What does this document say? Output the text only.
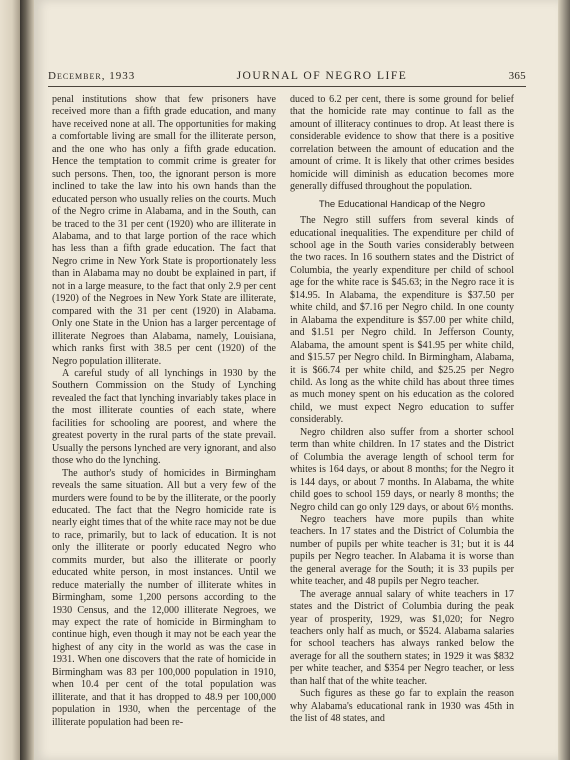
December, 1933	JOURNAL OF NEGRO LIFE	365

penal institutions show that few prisoners have received more than a fifth grade education, and many have received none at all. The opportunities for making a comfortable living are small for the illiterate person, and the one who has only a fifth grade education. Hence the temptation to commit crime is greater for such persons. Then, too, the ignorant person is more inclined to take the law into his own hands than the educated person who usually relies on the courts. Much of the Negro crime in Alabama, and in the South, can be traced to the 31 per cent (1920) who are illiterate in Alabama, and to that large portion of the race which has less than a fifth grade education. The fact that Negro crime in New York State is proportionately less than in Alabama may no doubt be explained in part, if not in a large measure, to the fact that only 2.9 per cent (1920) of the Negroes in New York State are illiterate, compared with the 31 per cent (1920) in Alabama. Only one State in the Union has a larger percentage of illiterate Negroes than Alabama, namely, Louisiana, which ranks first with 38.5 per cent (1920) of the Negro population illiterate.

A careful study of all lynchings in 1930 by the Southern Commission on the Study of Lynching revealed the fact that lynching invariably takes place in the most illiterate counties of each state, where facilities for schooling are poorest, and where the greatest poverty in the rural parts of the state prevail. Usually the persons lynched are very ignorant, and also those who do the lynching.

The author's study of homicides in Birmingham reveals the same situation. All but a very few of the murders were found to be by the illiterate, or the poorly educated. The fact that the Negro homicide rate is nearly eight times that of the white race may not be due to race, primarily, but to lack of education. It is not only the illiterate or poorly educated Negro who commits murder, but also the illiterate or poorly educated white person, in most instances. Until we reduce materially the number of illiterate whites in Birmingham, some 1,200 persons according to the 1930 Census, and the 12,000 illiterate Negroes, we may expect the rate of homicide in Birmingham to continue high, even though it may not be each year the highest of any city in the world as was the case in 1931. When one discovers that the rate of homicide in Birmingham was 83 per 100,000 population in 1910, when 10.4 per cent of the total population was illiterate, and that it has dropped to 48.9 per 100,000 population in 1930, when the percentage of the illiterate population had been re-

duced to 6.2 per cent, there is some ground for belief that the homicide rate may continue to fall as the amount of illiteracy continues to drop. At least there is considerable evidence to show that there is a positive correlation between the amount of education and the amount of crime. It is likely that other crimes besides homicide will diminish as education becomes more generally diffused throughout the population.

The Educational Handicap of the Negro

The Negro still suffers from several kinds of educational inequalities. The expenditure per child of school age in the South varies considerably between the two races. In 16 southern states and the District of Columbia, the yearly expenditure per child of school age for the white race is $45.63; in the Negro race it is $14.95. In Alabama, the expenditure is $37.50 per white child, and $7.16 per Negro child. In one county in Alabama the expenditure is $57.00 per white child, and $1.51 per Negro child. In Jefferson County, Alabama, the amount spent is $41.95 per white child, and $15.57 per Negro child. In Birmingham, Alabama, it is $66.74 per white child, and $25.25 per Negro child. As long as the white child has about three times as much money spent on his education as the colored child, we must expect Negro education to suffer considerably.

Negro children also suffer from a shorter school term than white children. In 17 states and the District of Columbia the average length of school term for whites is 164 days, or about 8 months; for the Negro it is 144 days, or about 7 months. In Alabama, the white child goes to school 159 days, or nearly 8 months; the Negro child can go only 129 days, or about 6½ months.

Negro teachers have more pupils than white teachers. In 17 states and the District of Columbia the number of pupils per white teacher is 31; but it is 44 pupils per Negro teacher. In Alabama it is worse than the general average for the South; it is 33 pupils per white teacher, and 48 pupils per Negro teacher.

The average annual salary of white teachers in 17 states and the District of Columbia during the peak year of prosperity, 1929, was $1,020; for Negro teachers only half as much, or $524. Alabama salaries for school teachers has always ranked below the average for all the southern states; in 1929 it was $832 per white teacher, and $354 per Negro teacher, or less than half that of the white teacher.

Such figures as these go far to explain the reason why Alabama's educational rank in 1930 was 45th in the list of 48 states, and
